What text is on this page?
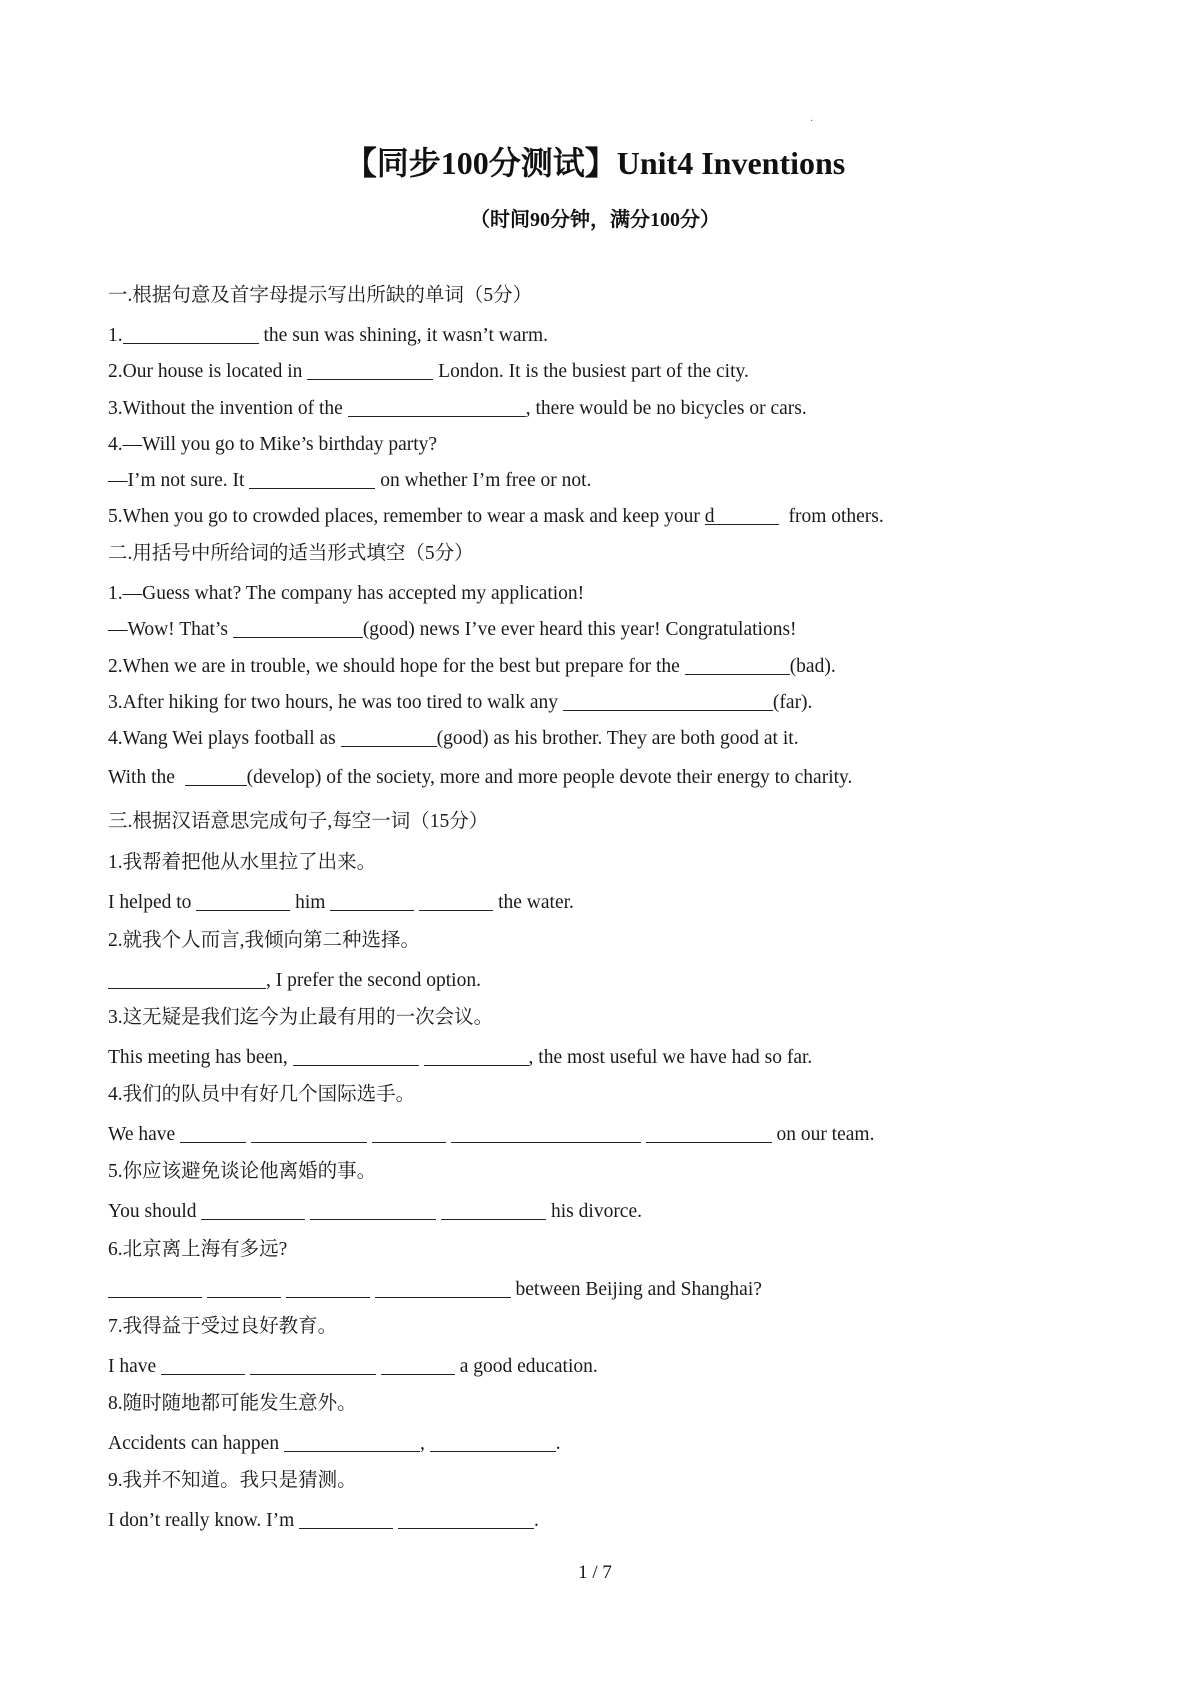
·
【同步100分测试】Unit4 Inventions
（时间90分钟，满分100分）
一.根据句意及首字母提示写出所缺的单词（5分）
1.	the sun was shining, it wasn’t warm.
2.Our house is located in	London. It is the busiest part of the city.
3.Without the invention of the	, there would be no bicycles or cars.
4.—Will you go to Mike’s birthday party?
—I’m not sure. It	on whether I’m free or not.
5.When you go to crowded places, remember to wear a mask and keep your d	from others.
二.用括号中所给词的适当形式填空（5分）
1.—Guess what? The company has accepted my application!
—Wow! That’s	(good) news I’ve ever heard this year! Congratulations!
2.When we are in trouble, we should hope for the best but prepare for the	(bad).
3.After hiking for two hours, he was too tired to walk any	(far).
4.Wang Wei plays football as	(good) as his brother. They are both good at it.
With the	(develop) of the society, more and more people devote their energy to charity.
三.根据汉语意思完成句子,每空一词（15分）
1.我帮着把他从水里拉了出来。
I helped to	him	the water.
2.就我个人而言,我倾向第二种选择。
, I prefer the second option.
3.这无疑是我们迄今为止最有用的一次会议。
This meeting has been,	, the most useful we have had so far.
4.我们的队员中有好几个国际选手。
We have	on our team.
5.你应该避免谈论他离婚的事。
You should	his divorce.
6.北京离上海有多远?
between Beijing and Shanghai?
7.我得益于受过良好教育。
I have	a good education.
8.随时随地都可能发生意外。
Accidents can happen	,	.
9.我并不知道。我只是猜测。
I don’t really know. I’m	.
1 / 7
